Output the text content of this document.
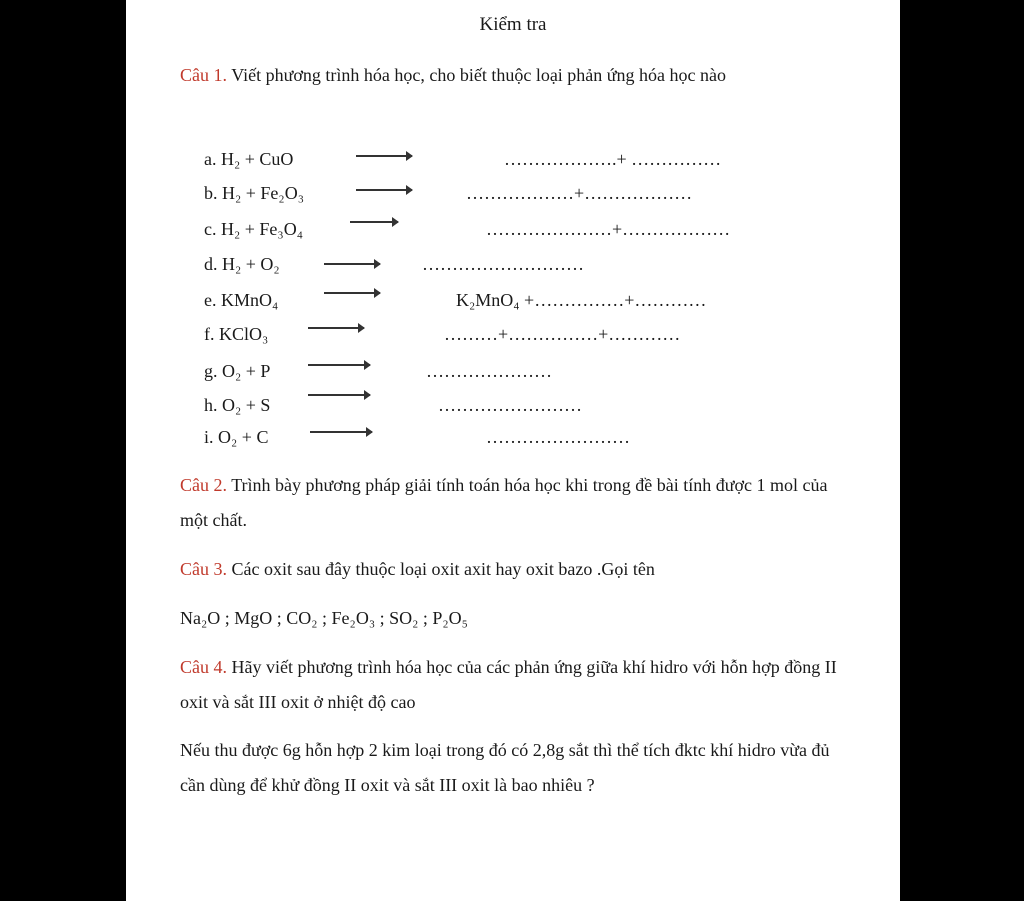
Kiểm tra
Câu 1. Viết phương trình hóa học, cho biết thuộc loại phản ứng hóa học nào
a. H₂ + CuO	……………….+ ……………
b. H₂ + Fe₂O₃	………………+………………
c. H₂ + Fe₃O₄	…………………+………………
d. H₂ + O₂	………………………
e. KMnO₄	K₂MnO₄ +……………+…………
f. KClO₃	………+……………+…………
g. O₂ + P	…………………
h. O₂ + S	……………………
i. O₂ + C	……………………
Câu 2. Trình bày phương pháp giải tính toán hóa học khi trong đề bài tính được 1 mol của một chất.
Câu 3. Các oxit sau đây thuộc loại oxit axit hay oxit bazo .Gọi tên
Na₂O ; MgO ; CO₂ ; Fe₂O₃ ; SO₂ ; P₂O₅
Câu 4. Hãy viết phương trình hóa học của các phản ứng giữa khí hidro với hỗn hợp đồng II oxit và sắt III oxit ở nhiệt độ cao
Nếu thu được 6g hỗn hợp 2 kim loại trong đó có 2,8g sắt thì thể tích đktc khí hidro vừa đủ cần dùng để khử đồng II oxit và sắt III oxit là bao nhiêu ?
